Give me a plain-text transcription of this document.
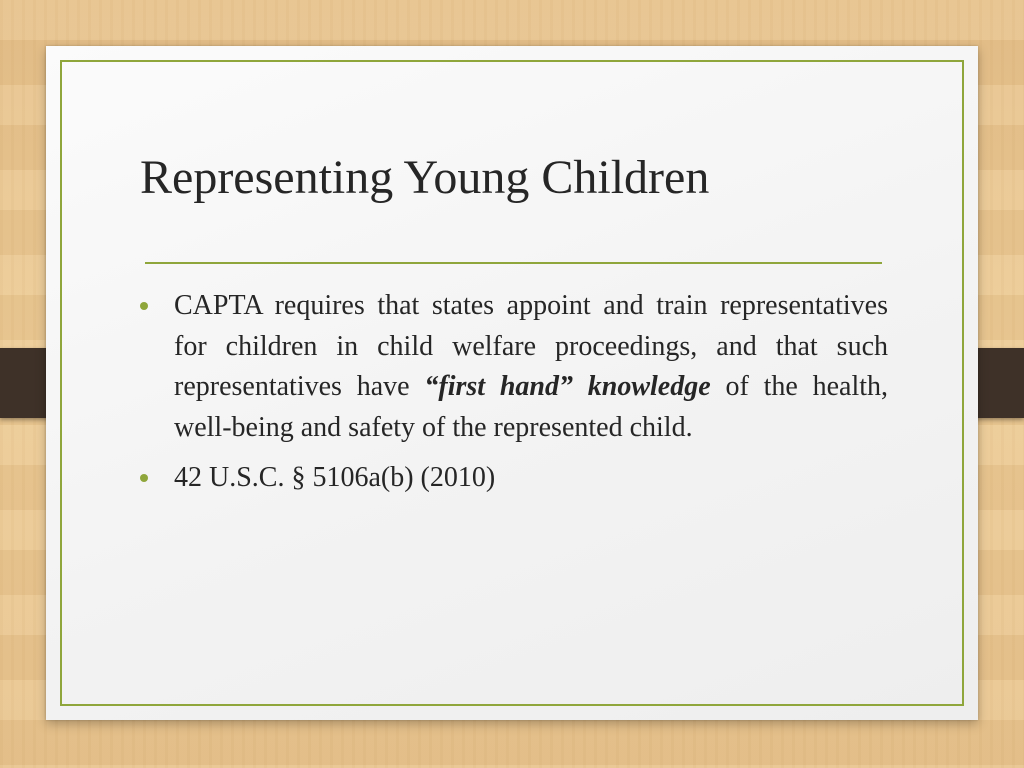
Representing Young Children
CAPTA requires that states appoint and train representatives for children in child welfare proceedings, and that such representatives have “first hand” knowledge of the health, well-being and safety of the represented child.
42 U.S.C. § 5106a(b) (2010)
